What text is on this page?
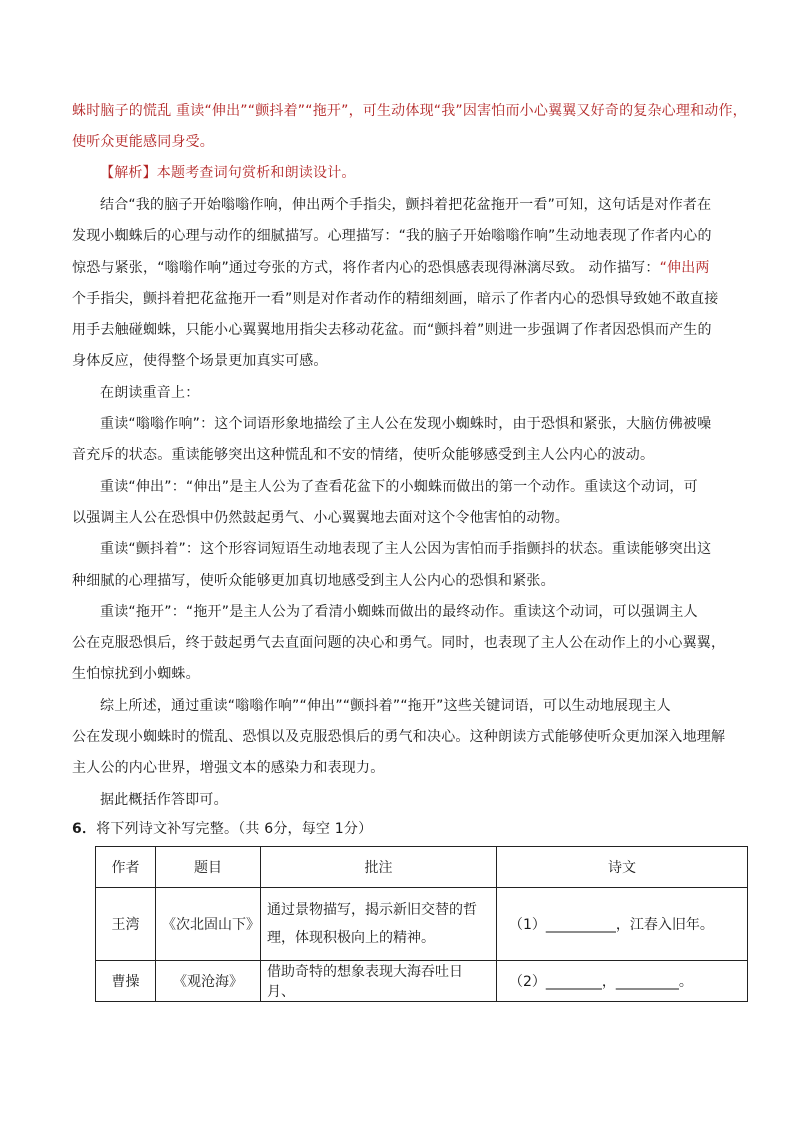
蛛时脑子的慌乱 重读“伸出”“颤抖着”“拖开”，可生动体现“我”因害怕而小心翼翼又好奇的复杂心理和动作，
使听众更能感同身受。
【解析】本题考查词句赏析和朗读设计。
结合“我的脑子开始嗡嗡作响，伸出两个手指尖，颤抖着把花盆拖开一看”可知，这句话是对作者在
发现小蜘蛛后的心理与动作的细腻描写。心理描写：“我的脑子开始嗡嗡作响”生动地表现了作者内心的
惊恐与紧张，“嗡嗡作响”通过夸张的方式，将作者内心的恐惧感表现得淋漓尽致。 动作描写：“伸出两
个手指尖，颤抖着把花盆拖开一看”则是对作者动作的精细刻画，暗示了作者内心的恐惧导致她不敢直接
用手去触碰蜘蛛，只能小心翼翼地用指尖去移动花盆。而“颤抖着”则进一步强调了作者因恐惧而产生的
身体反应，使得整个场景更加真实可感。
在朗读重音上：
重读“嗡嗡作响”：这个词语形象地描绘了主人公在发现小蜘蛛时，由于恐惧和紧张，大脑仿佛被噪
音充斥的状态。重读能够突出这种慌乱和不安的情绪，使听众能够感受到主人公内心的波动。
重读“伸出”：“伸出”是主人公为了查看花盆下的小蜘蛛而做出的第一个动作。重读这个动词，可
以强调主人公在恐惧中仍然鼓起勇气、小心翼翼地去面对这个令他害怕的动物。
重读“颤抖着”：这个形容词短语生动地表现了主人公因为害怕而手指颤抖的状态。重读能够突出这
种细腻的心理描写，使听众能够更加真切地感受到主人公内心的恐惧和紧张。
重读“拖开”：“拖开”是主人公为了看清小蜘蛛而做出的最终动作。重读这个动词，可以强调主人
公在克服恐惧后，终于鼓起勇气去直面问题的决心和勇气。同时，也表现了主人公在动作上的小心翼翼，
生怕惊扰到小蜘蛛。
综上所述，通过重读“嗡嗡作响”“伸出”“颤抖着”“拖开”这些关键词语，可以生动地展现主人
公在发现小蜘蛛时的慌乱、恐惧以及克服恐惧后的勇气和决心。这种朗读方式能够使听众更加深入地理解
主人公的内心世界，增强文本的感染力和表现力。
据此概括作答即可。
6．将下列诗文补写完整。（共 6分，每空 1分）
作者	题目	批注	诗文
王湾	《次北固山下》	通过景物描写，揭示新旧交替的哲
理，体现积极向上的精神。	（1）__________，江春入旧年。
曹操	《观沧海》	借助奇特的想象表现大海吞吐日月、	（2）________，_________。
